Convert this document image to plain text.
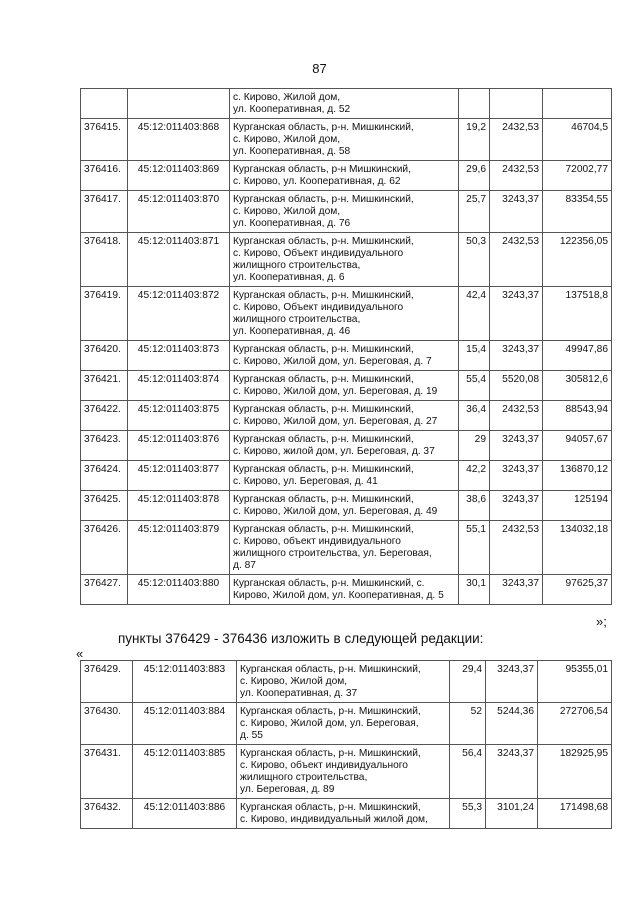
87
		с. Кирово, Жилой дом,
ул. Кооперативная, д. 52			
376415.	45:12:011403:868	Курганская область, р-н. Мишкинский,
с. Кирово, Жилой дом,
ул. Кооперативная, д. 58	19,2	2432,53	46704,5
376416.	45:12:011403:869	Курганская область, р-н Мишкинский,
с. Кирово, ул. Кооперативная, д. 62	29,6	2432,53	72002,77
376417.	45:12:011403:870	Курганская область, р-н. Мишкинский,
с. Кирово, Жилой дом,
ул. Кооперативная, д. 76	25,7	3243,37	83354,55
376418.	45:12:011403:871	Курганская область, р-н. Мишкинский,
с. Кирово, Объект индивидуального
жилищного строительства,
ул. Кооперативная, д. 6	50,3	2432,53	122356,05
376419.	45:12:011403:872	Курганская область, р-н. Мишкинский,
с. Кирово, Объект индивидуального
жилищного строительства,
ул. Кооперативная, д. 46	42,4	3243,37	137518,8
376420.	45:12:011403:873	Курганская область, р-н. Мишкинский,
с. Кирово, Жилой дом, ул. Береговая, д. 7	15,4	3243,37	49947,86
376421.	45:12:011403:874	Курганская область, р-н. Мишкинский,
с. Кирово, Жилой дом, ул. Береговая, д. 19	55,4	5520,08	305812,6
376422.	45:12:011403:875	Курганская область, р-н. Мишкинский,
с. Кирово, Жилой дом, ул. Береговая, д. 27	36,4	2432,53	88543,94
376423.	45:12:011403:876	Курганская область, р-н. Мишкинский,
с. Кирово, жилой дом, ул. Береговая, д. 37	29	3243,37	94057,67
376424.	45:12:011403:877	Курганская область, р-н. Мишкинский,
с. Кирово, ул. Береговая, д. 41	42,2	3243,37	136870,12
376425.	45:12:011403:878	Курганская область, р-н. Мишкинский,
с. Кирово, Жилой дом, ул. Береговая, д. 49	38,6	3243,37	125194
376426.	45:12:011403:879	Курганская область, р-н. Мишкинский,
с. Кирово, объект индивидуального
жилищного строительства, ул. Береговая,
д. 87	55,1	2432,53	134032,18
376427.	45:12:011403:880	Курганская область, р-н. Мишкинский, с.
Кирово, Жилой дом, ул. Кооперативная, д. 5	30,1	3243,37	97625,37
»;
пункты 376429 - 376436 изложить в следующей редакции:
«
376429.	45:12:011403:883	Курганская область, р-н. Мишкинский,
с. Кирово, Жилой дом,
ул. Кооперативная, д. 37	29,4	3243,37	95355,01
376430.	45:12:011403:884	Курганская область, р-н. Мишкинский,
с. Кирово, Жилой дом, ул. Береговая,
д. 55	52	5244,36	272706,54
376431.	45:12:011403:885	Курганская область, р-н. Мишкинский,
с. Кирово, объект индивидуального
жилищного строительства,
ул. Береговая, д. 89	56,4	3243,37	182925,95
376432.	45:12:011403:886	Курганская область, р-н. Мишкинский,
с. Кирово, индивидуальный жилой дом,	55,3	3101,24	171498,68
